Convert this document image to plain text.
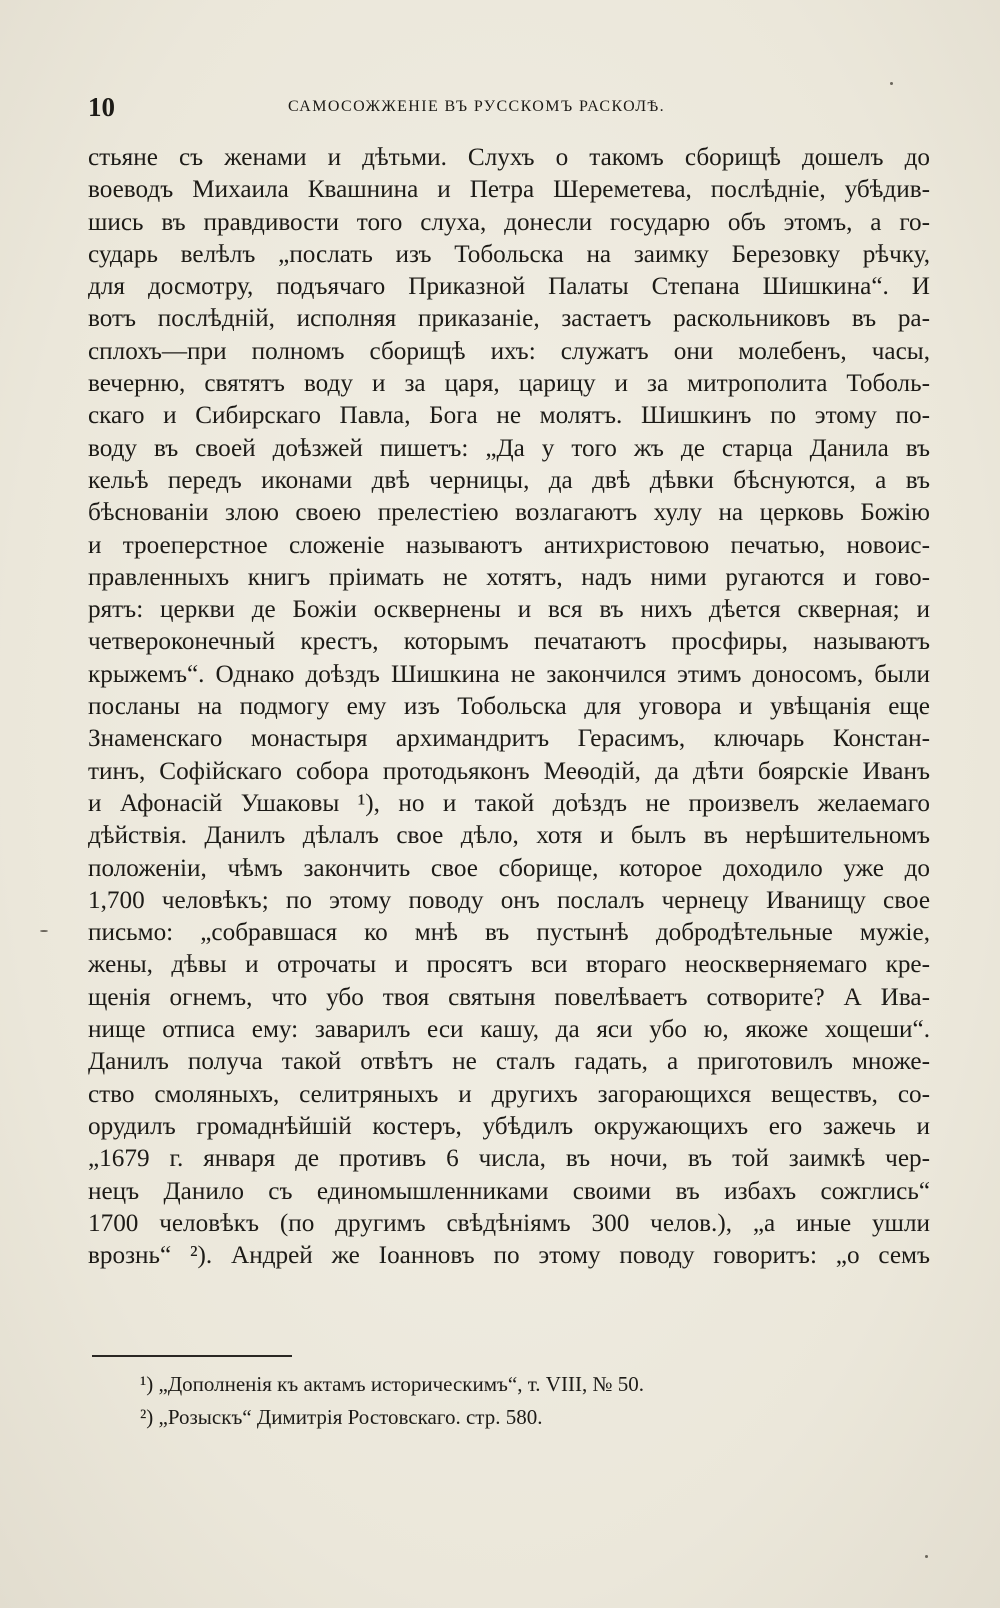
10	САМОСОЖЖЕНІЕ ВЪ РУССКОМЪ РАСКОЛѢ.
стьяне съ женами и дѣтьми. Слухъ о такомъ сборищѣ дошелъ до
воеводъ Михаила Квашнина и Петра Шереметева, послѣдніе, убѣдив-
шись въ правдивости того слуха, донесли государю объ этомъ, а го-
сударь велѣлъ „послать изъ Тобольска на заимку Березовку рѣчку,
для досмотру, подъячаго Приказной Палаты Степана Шишкина“. И
вотъ послѣдній, исполняя приказаніе, застаетъ раскольниковъ въ ра-
сплохъ—при полномъ сборищѣ ихъ: служатъ они молебенъ, часы,
вечерню, святятъ воду и за царя, царицу и за митрополита Тоболь-
скаго и Сибирскаго Павла, Бога не молятъ. Шишкинъ по этому по-
воду въ своей доѣзжей пишетъ: „Да у того жъ де старца Данила въ
кельѣ передъ иконами двѣ черницы, да двѣ дѣвки бѣснуются, а въ
бѣснованіи злою своею прелестіею возлагаютъ хулу на церковь Божію
и троеперстное сложеніе называютъ антихристовою печатью, новоис-
правленныхъ книгъ пріимать не хотятъ, надъ ними ругаются и гово-
рятъ: церкви де Божіи осквернены и вся въ нихъ дѣется скверная; и
четвероконечный крестъ, которымъ печатаютъ просфиры, называютъ
крыжемъ“. Однако доѣздъ Шишкина не закончился этимъ доносомъ, были
посланы на подмогу ему изъ Тобольска для уговора и увѣщанія еще
Знаменскаго монастыря архимандритъ Герасимъ, ключарь Констан-
тинъ, Софійскаго собора протодьяконъ Меѳодій, да дѣти боярскіе Иванъ
и Афонасій Ушаковы ¹), но и такой доѣздъ не произвелъ желаемаго
дѣйствія. Данилъ дѣлалъ свое дѣло, хотя и былъ въ нерѣшительномъ
положеніи, чѣмъ закончить свое сборище, которое доходило уже до
1,700 человѣкъ; по этому поводу онъ послалъ чернецу Иванищу свое
письмо: „собравшася ко мнѣ въ пустынѣ добродѣтельные мужіе,
жены, дѣвы и отрочаты и просятъ вси втораго неоскверняемаго кре-
щенія огнемъ, что убо твоя святыня повелѣваетъ сотворите? А Ива-
нище отписа ему: заварилъ еси кашу, да яси убо ю, якоже хощеши“.
Данилъ получа такой отвѣтъ не сталъ гадать, а приготовилъ множе-
ство смоляныхъ, селитряныхъ и другихъ загорающихся веществъ, со-
орудилъ громаднѣйшій костеръ, убѣдилъ окружающихъ его зажечь и
„1679 г. января де противъ 6 числа, въ ночи, въ той заимкѣ чер-
нецъ Данило съ единомышленниками своими въ избахъ сожглись“
1700 человѣкъ (по другимъ свѣдѣніямъ 300 челов.), „а иные ушли
врознь“ ²). Андрей же Іоанновъ по этому поводу говоритъ: „о семъ
¹) „Дополненія къ актамъ историческимъ“, т. VIII, № 50.
²) „Розыскъ“ Димитрія Ростовскаго. стр. 580.
